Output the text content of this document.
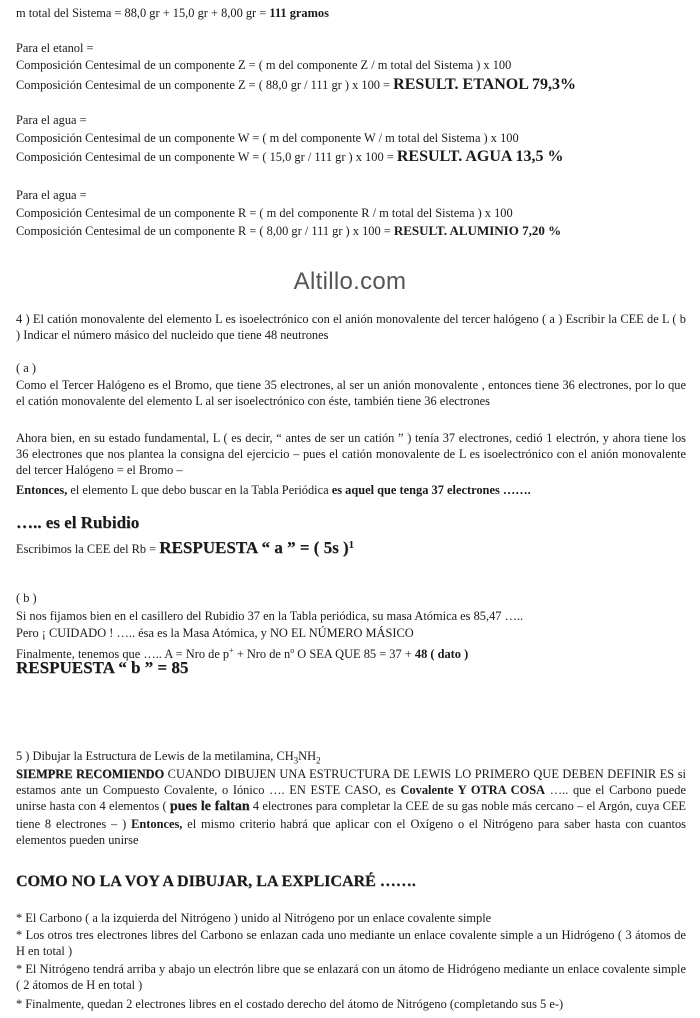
m total del Sistema = 88,0 gr + 15,0 gr + 8,00 gr = 111 gramos
Para el etanol =
Composición Centesimal de un componente Z = ( m del componente Z / m total del Sistema ) x 100
Composición Centesimal de un componente Z = ( 88,0 gr / 111 gr ) x 100 = RESULT. ETANOL 79,3%
Para el agua =
Composición Centesimal de un componente W = ( m del componente W / m total del Sistema ) x 100
Composición Centesimal de un componente W = ( 15,0 gr / 111 gr ) x 100 = RESULT. AGUA 13,5 %
Para el agua =
Composición Centesimal de un componente R = ( m del componente R / m total del Sistema ) x 100
Composición Centesimal de un componente R = ( 8,00 gr / 111 gr ) x 100 = RESULT. ALUMINIO 7,20 %
Altillo.com
4 ) El catión monovalente del elemento L es isoelectrónico con el anión monovalente del tercer halógeno ( a ) Escribir la CEE de L ( b ) Indicar el número másico del nucleido que tiene 48 neutrones
( a )
Como el Tercer Halógeno es el Bromo, que tiene 35 electrones, al ser un anión monovalente , entonces tiene 36 electrones, por lo que el catión monovalente del elemento L al ser isoelectrónico con éste, también tiene 36 electrones
Ahora bien, en su estado fundamental, L ( es decir, “ antes de ser un catión ” ) tenía 37 electrones, cedió 1 electrón, y ahora tiene los 36 electrones que nos plantea la consigna del ejercicio – pues el catión monovalente de L es isoelectrónico con el anión monovalente del tercer Halógeno = el Bromo –
Entonces, el elemento L que debo buscar en la Tabla Periódica es aquel que tenga 37 electrones …….
….. es el Rubidio
Escribimos la CEE del Rb = RESPUESTA “ a ” = ( 5s )$^1$
( b )
Si nos fijamos bien en el casillero del Rubidio 37 en la Tabla periódica, su masa Atómica es 85,47 …..
Pero ¡ CUIDADO ! ….. ésa es la Masa Atómica, y NO EL NÚMERO MÁSICO
Finalmente, tenemos que ….. A = Nro de p+ + Nro de $n^o$ O SEA QUE 85 = 37 + 48 ( dato )
RESPUESTA “ b ” = 85
5 ) Dibujar la Estructura de Lewis de la metilamina, $CH_3NH_2$
SIEMPRE RECOMIENDO CUANDO DIBUJEN UNA ESTRUCTURA DE LEWIS LO PRIMERO QUE DEBEN DEFINIR ES si estamos ante un Compuesto Covalente, o Iónico …. EN ESTE CASO, es Covalente Y OTRA COSA ….. que el Carbono puede unirse hasta con 4 elementos ( pues le faltan 4 electrones para completar la CEE de su gas noble más cercano – el Argón, cuya CEE tiene 8 electrones – ) Entonces, el mismo criterio habrá que aplicar con el Oxígeno o el Nitrógeno para saber hasta con cuantos elementos pueden unirse
COMO NO LA VOY A DIBUJAR, LA EXPLICARÉ …….
* El Carbono ( a la izquierda del Nitrógeno ) unido al Nitrógeno por un enlace covalente simple
* Los otros tres electrones libres del Carbono se enlazan cada uno mediante un enlace covalente simple a un Hidrógeno ( 3 átomos de H en total )
* El Nitrógeno tendrá arriba y abajo un electrón libre que se enlazará con un átomo de Hidrógeno mediante un enlace covalente simple ( 2 átomos de H en total )
* Finalmente, quedan 2 electrones libres en el costado derecho del átomo de Nitrógeno (completando sus 5 e-)
